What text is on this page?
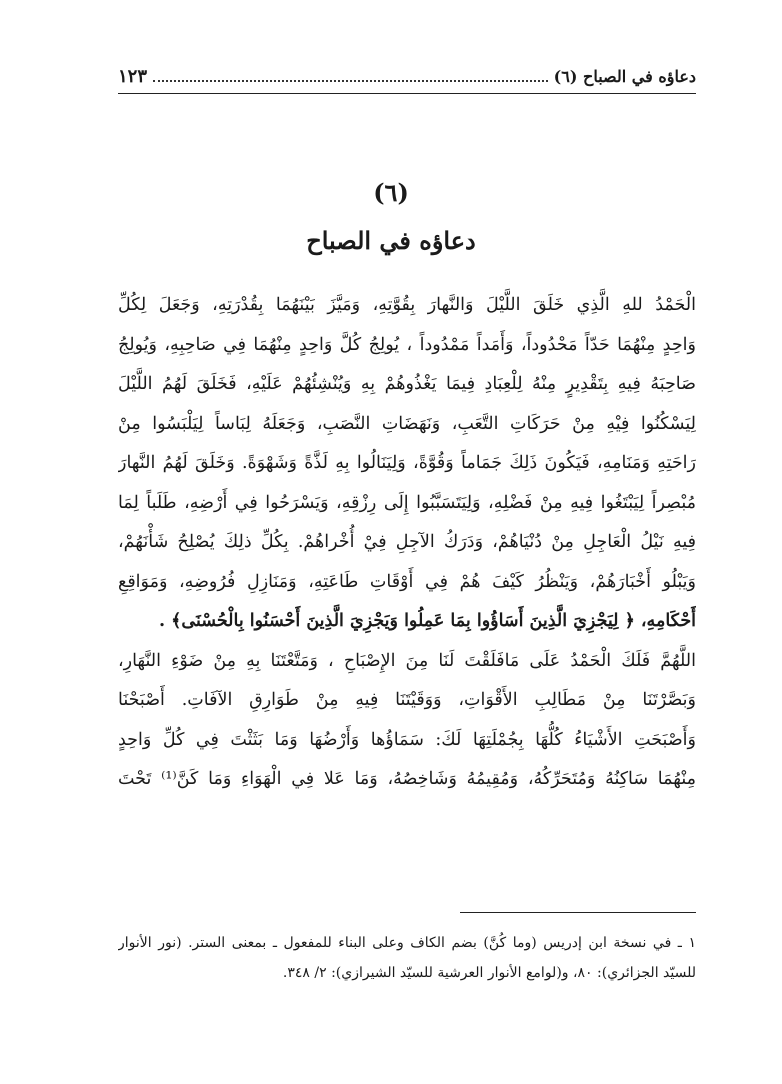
دعاؤه في الصباح (٦)
١٢٣
(٦)
دعاؤه في الصباح
الْحَمْدُ للهِ الَّذِي خَلَقَ اللَّيْلَ وَالنَّهارَ بِقُوَّتِهِ، وَمَيَّزَ بَيْنَهُمَا بِقُدْرَتِهِ، وَجَعَلَ لِكُلِّ
وَاحِدٍ مِنْهُمَا حَدّاً مَحْدُوداً، وَأَمَداً مَمْدُوداً ، يُولِجُ كُلَّ وَاحِدٍ مِنْهُمَا فِي صَاحِبِهِ، وَيُولِجُ
صَاحِبَهُ فِيهِ بِتَقْدِيرٍ مِنْهُ لِلْعِبَادِ فِيمَا يَغْذُوهُمْ بِهِ وَيُنْشِئُهُمْ عَلَيْهِ، فَخَلَقَ لَهُمُ اللَّيْلَ
لِيَسْكُنُوا فِيْهِ مِنْ حَرَكَاتِ التَّعَبِ، وَنَهَضَاتِ النَّصَبِ، وَجَعَلَهُ لِبَاساً لِيَلْبَسُوا مِنْ
رَاحَتِهِ وَمَنَامِهِ، فَيَكُونَ ذَلِكَ جَمَاماً وَقُوَّةً، وَلِيَنَالُوا بِهِ لَذَّةً وَشَهْوَةً. وَخَلَقَ لَهُمُ النَّهارَ
مُبْصِراً لِيَبْتَغُوا فِيهِ مِنْ فَضْلِهِ، وَلِيَتَسَبَّبُوا إِلَى رِزْقِهِ، وَيَسْرَحُوا فِي أَرْضِهِ، طَلَباً لِمَا
فِيهِ نَيْلُ الْعَاجِلِ مِنْ دُنْيَاهُمْ، وَدَرَكُ الآجِلِ فِيْ أُخْراهُمْ. بِكُلِّ ذلِكَ يُصْلِحُ شَأْنَهُمْ،
وَيَبْلُو أَخْبَارَهُمْ، وَيَنْظُرُ كَيْفَ هُمْ فِي أَوْقَاتِ طَاعَتِهِ، وَمَنَازِلِ فُرُوضِهِ، وَمَوَاقِعِ
أَحْكَامِهِ، ﴿ لِيَجْزِيَ الَّذِينَ أَسَاؤُوا بِمَا عَمِلُوا وَيَجْزِيَ الَّذِينَ أَحْسَنُوا بِالْحُسْنَى﴾ .
اللَّهُمَّ فَلَكَ الْحَمْدُ عَلَى مَافَلَقْتَ لَنَا مِنَ الإِصْبَاحِ ، وَمَتَّعْتَنَا بِهِ مِنْ ضَوْءِ النَّهَارِ،
وَبَصَّرْتَنَا مِنْ مَطَالِبِ الأَقْوَاتِ، وَوَقَيْتَنَا فِيهِ مِنْ طَوَارِقِ الآفَاتِ. أَصْبَحْنَا
وَأَصْبَحَتِ الأَشْيَاءُ كُلُّهَا بِجُمْلَتِهَا لَكَ: سَمَاؤُها وَأَرْضُهَا وَمَا بَثَثْتَ فِي كُلِّ وَاحِدٍ
مِنْهُمَا سَاكِنُهُ وَمُتَحَرِّكُهُ، وَمُقِيمُهُ وَشَاخِصُهُ، وَمَا عَلا فِي الْهَوَاءِ وَمَا كَنَّ⁽¹⁾ تَحْتَ
١ ـ في نسخة ابن إدريس (وما كُنَّ) بضم الكاف وعلى البناء للمفعول ـ بمعنى الستر. (نور الأنوار
للسيّد الجزائري): ٨٠، و(لوامع الأنوار العرشية للسيّد الشيرازي): ٢/ ٣٤٨.
